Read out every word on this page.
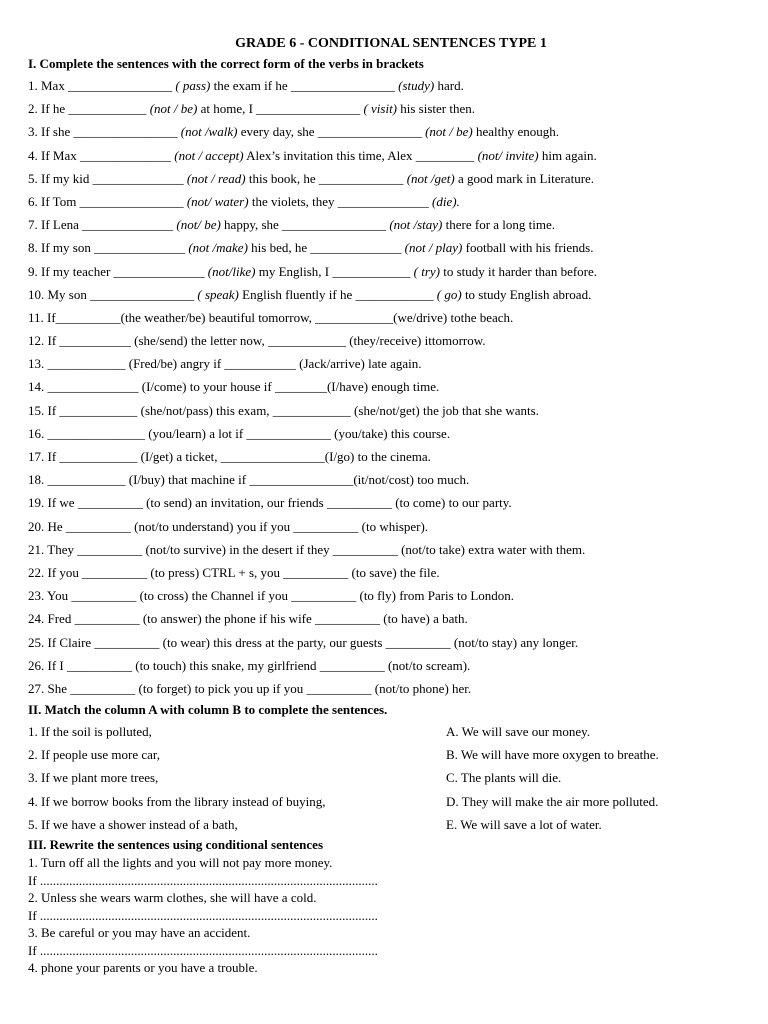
GRADE 6 - CONDITIONAL SENTENCES TYPE 1
I. Complete the sentences with the correct form of the verbs in brackets
1. Max ________________ ( pass) the exam if he ________________ (study) hard.
2. If he ____________ (not / be) at home, I ________________ ( visit) his sister then.
3. If she ________________ (not /walk) every day, she ________________ (not / be) healthy enough.
4. If Max ______________ (not / accept) Alex’s invitation this time, Alex _________ (not/ invite) him again.
5. If my kid ______________ (not / read) this book, he _____________ (not /get) a good mark in Literature.
6. If Tom ________________ (not/ water) the violets, they ______________ (die).
7. If Lena ______________ (not/ be) happy, she ________________ (not /stay) there for a long time.
8. If my son ______________ (not /make) his bed, he ______________ (not / play) football with his friends.
9. If my teacher ______________ (not/like) my English, I ____________ ( try) to study it harder than before.
10. My son ________________ ( speak) English fluently if he ____________ ( go) to study English abroad.
11. If__________(the weather/be) beautiful tomorrow, ____________(we/drive) tothe beach.
12. If ___________ (she/send) the letter now, ____________ (they/receive) ittomorrow.
13. ____________ (Fred/be) angry if ___________ (Jack/arrive) late again.
14. ______________ (I/come) to your house if ________(I/have) enough time.
15. If ____________ (she/not/pass) this exam, ____________ (she/not/get) the job that she wants.
16. _______________ (you/learn) a lot if _____________ (you/take) this course.
17. If ____________ (I/get) a ticket, ________________(I/go) to the cinema.
18. ____________ (I/buy) that machine if ________________(it/not/cost) too much.
19. If we __________ (to send) an invitation, our friends __________ (to come) to our party.
20. He __________ (not/to understand) you if you __________ (to whisper).
21. They __________ (not/to survive) in the desert if they __________ (not/to take) extra water with them.
22. If you __________ (to press) CTRL + s, you __________ (to save) the file.
23. You __________ (to cross) the Channel if you __________ (to fly) from Paris to London.
24. Fred __________ (to answer) the phone if his wife __________ (to have) a bath.
25. If Claire __________ (to wear) this dress at the party, our guests __________ (not/to stay) any longer.
26. If I __________ (to touch) this snake, my girlfriend __________ (not/to scream).
27. She __________ (to forget) to pick you up if you __________ (not/to phone) her.
II. Match the column A with column B to complete the sentences.
1. If the soil is polluted,	A. We will save our money.
2. If people use more car,	B. We will have more oxygen to breathe.
3. If we plant more trees,	C. The plants will die.
4. If we borrow books from the library instead of buying,	D. They will make the air more polluted.
5. If we have a shower instead of a bath,	E. We will save a lot of water.
III. Rewrite the sentences using conditional sentences
1. Turn off all the lights and you will not pay more money.
If ........................................................................................................
2. Unless she wears warm clothes, she will have a cold.
If ........................................................................................................
3. Be careful or you may have an accident.
If ........................................................................................................
4. phone your parents or you have a trouble.
